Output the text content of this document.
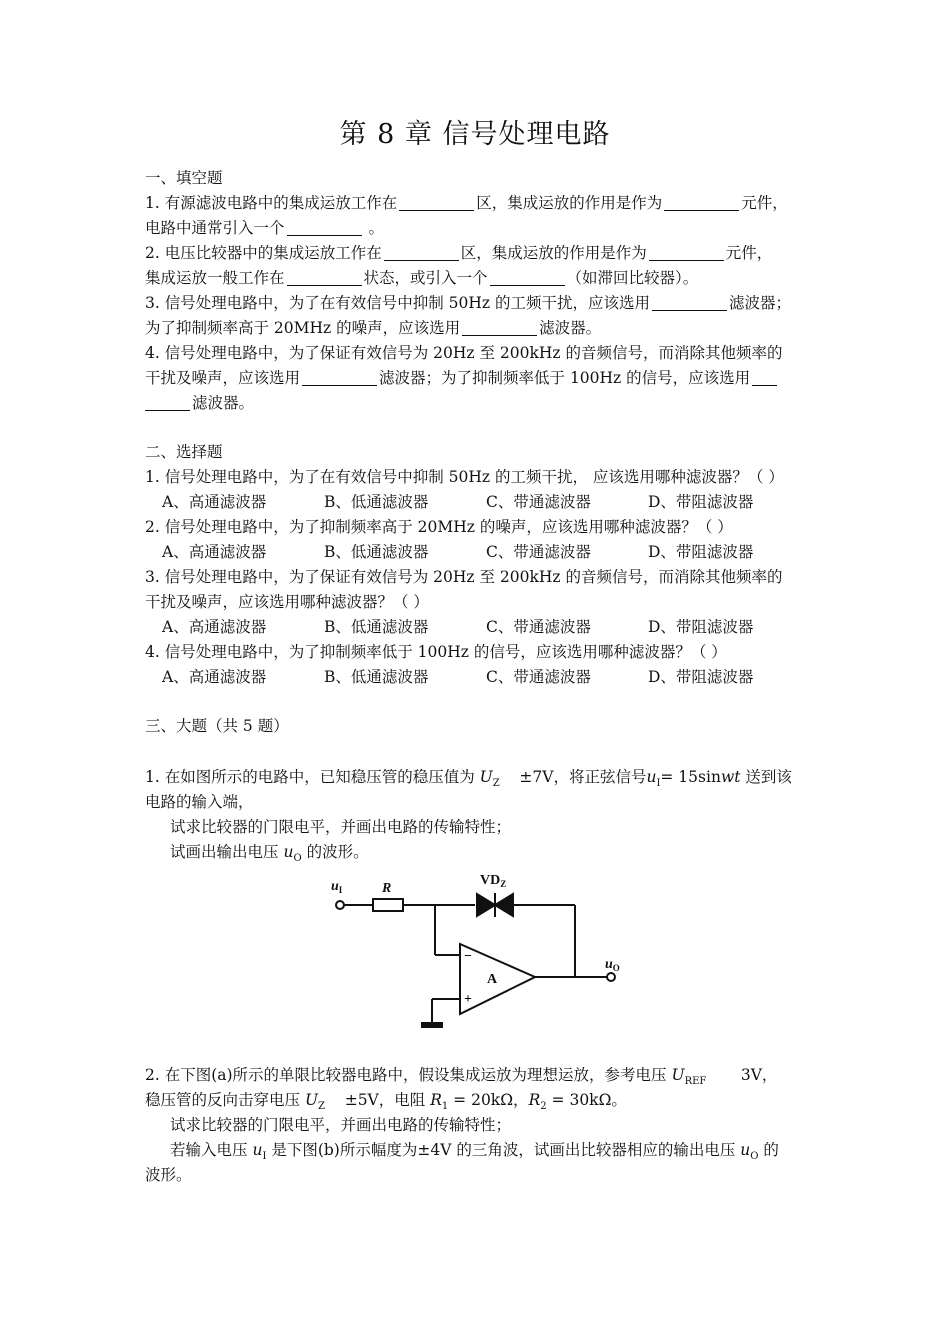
第 8 章 信号处理电路
一、填空题
1. 有源滤波电路中的集成运放工作在	区，集成运放的作用是作为	元件，
电路中通常引入一个	。
2. 电压比较器中的集成运放工作在	区，集成运放的作用是作为	元件，
集成运放一般工作在	状态，或引入一个	（如滞回比较器）。
3. 信号处理电路中，为了在有效信号中抑制 50Hz 的工频干扰，应该选用	滤波器；
为了抑制频率高于 20MHz 的噪声，应该选用	滤波器。
4. 信号处理电路中，为了保证有效信号为 20Hz 至 200kHz 的音频信号，而消除其他频率的
干扰及噪声，应该选用	滤波器；为了抑制频率低于 100Hz 的信号，应该选用
滤波器。
二、选择题
1. 信号处理电路中，为了在有效信号中抑制 50Hz 的工频干扰， 应该选用哪种滤波器？（ ）
A、高通滤波器	B、低通滤波器	C、带通滤波器	D、带阻滤波器
2. 信号处理电路中，为了抑制频率高于 20MHz 的噪声，应该选用哪种滤波器？（ ）
A、高通滤波器	B、低通滤波器	C、带通滤波器	D、带阻滤波器
3. 信号处理电路中，为了保证有效信号为 20Hz 至 200kHz 的音频信号，而消除其他频率的
干扰及噪声，应该选用哪种滤波器？（ ）
A、高通滤波器	B、低通滤波器	C、带通滤波器	D、带阻滤波器
4. 信号处理电路中，为了抑制频率低于 100Hz 的信号，应该选用哪种滤波器？（ ）
A、高通滤波器	B、低通滤波器	C、带通滤波器	D、带阻滤波器
三、大题（共 5 题）
1. 在如图所示的电路中，已知稳压管的稳压值为 $U_Z \pm 7V$，将正弦信号$u_I=$ 15sinwt 送到该
电路的输入端，
试求比较器的门限电平，并画出电路的传输特性；
试画出输出电压 $u_O$ 的波形。
$u_I$	R
$VD_Z$
$u_O$
A
−
+
2. 在下图(a)所示的单限比较器电路中，假设集成运放为理想运放，参考电压 $U_{REF}$ 3V，
稳压管的反向击穿电压 $U_Z \pm 5V$，电阻 $R_1 = 20k\Omega$，$R_2 = 30k\Omega$。
试求比较器的门限电平，并画出电路的传输特性；
若输入电压 $u_I$ 是下图(b)所示幅度为±4V 的三角波，试画出比较器相应的输出电压 $u_O$ 的
波形。
